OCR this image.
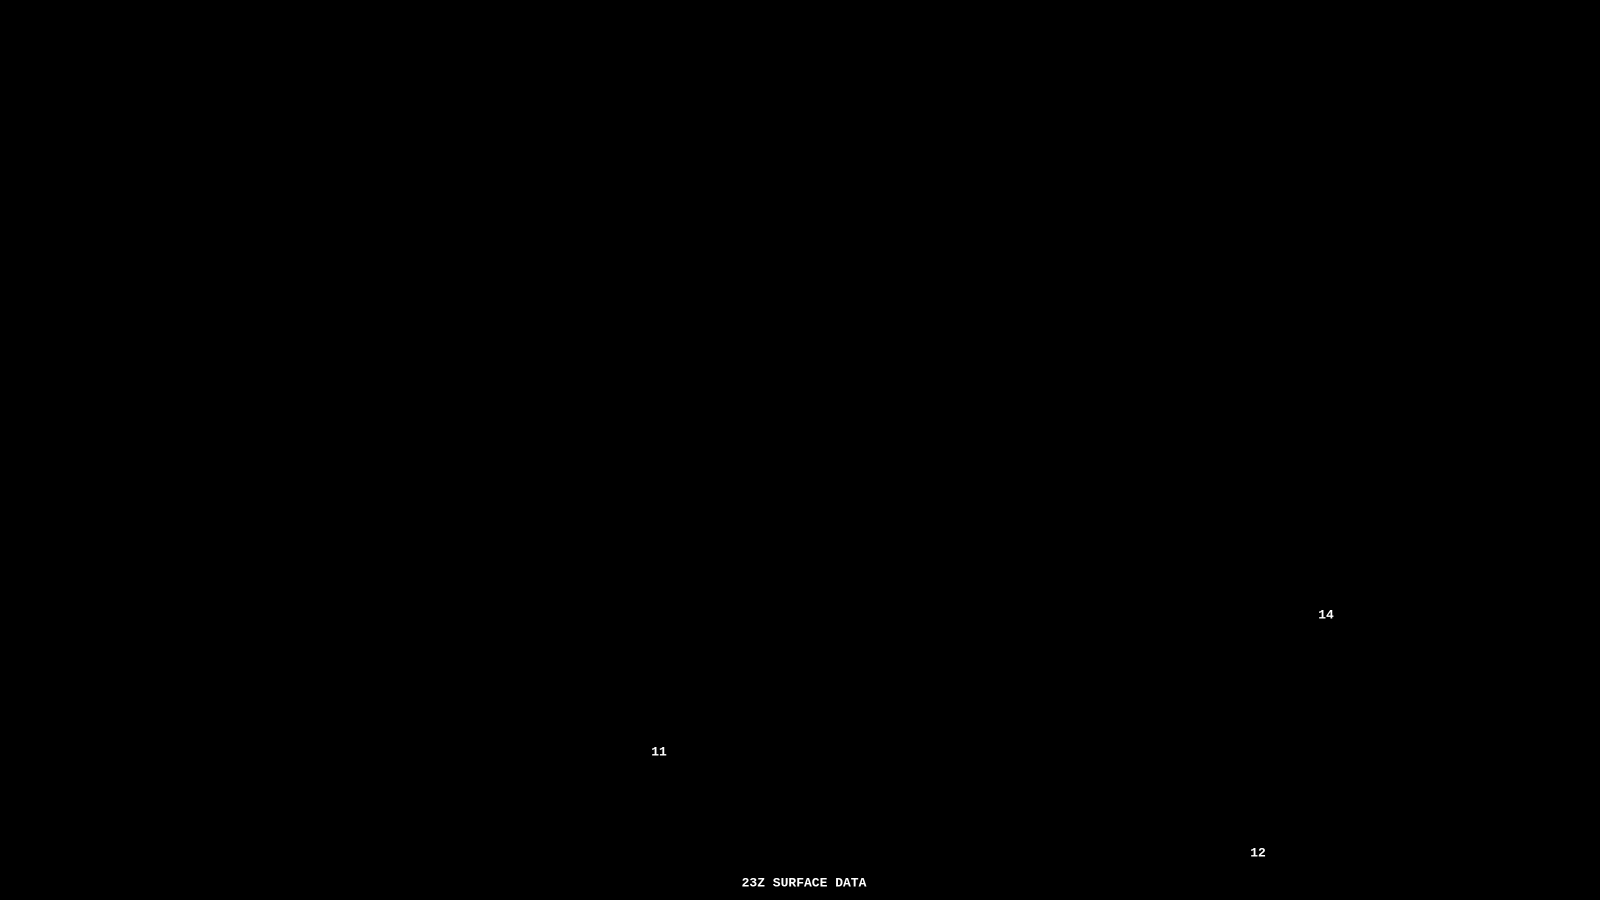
14
11
12
23Z SURFACE DATA
